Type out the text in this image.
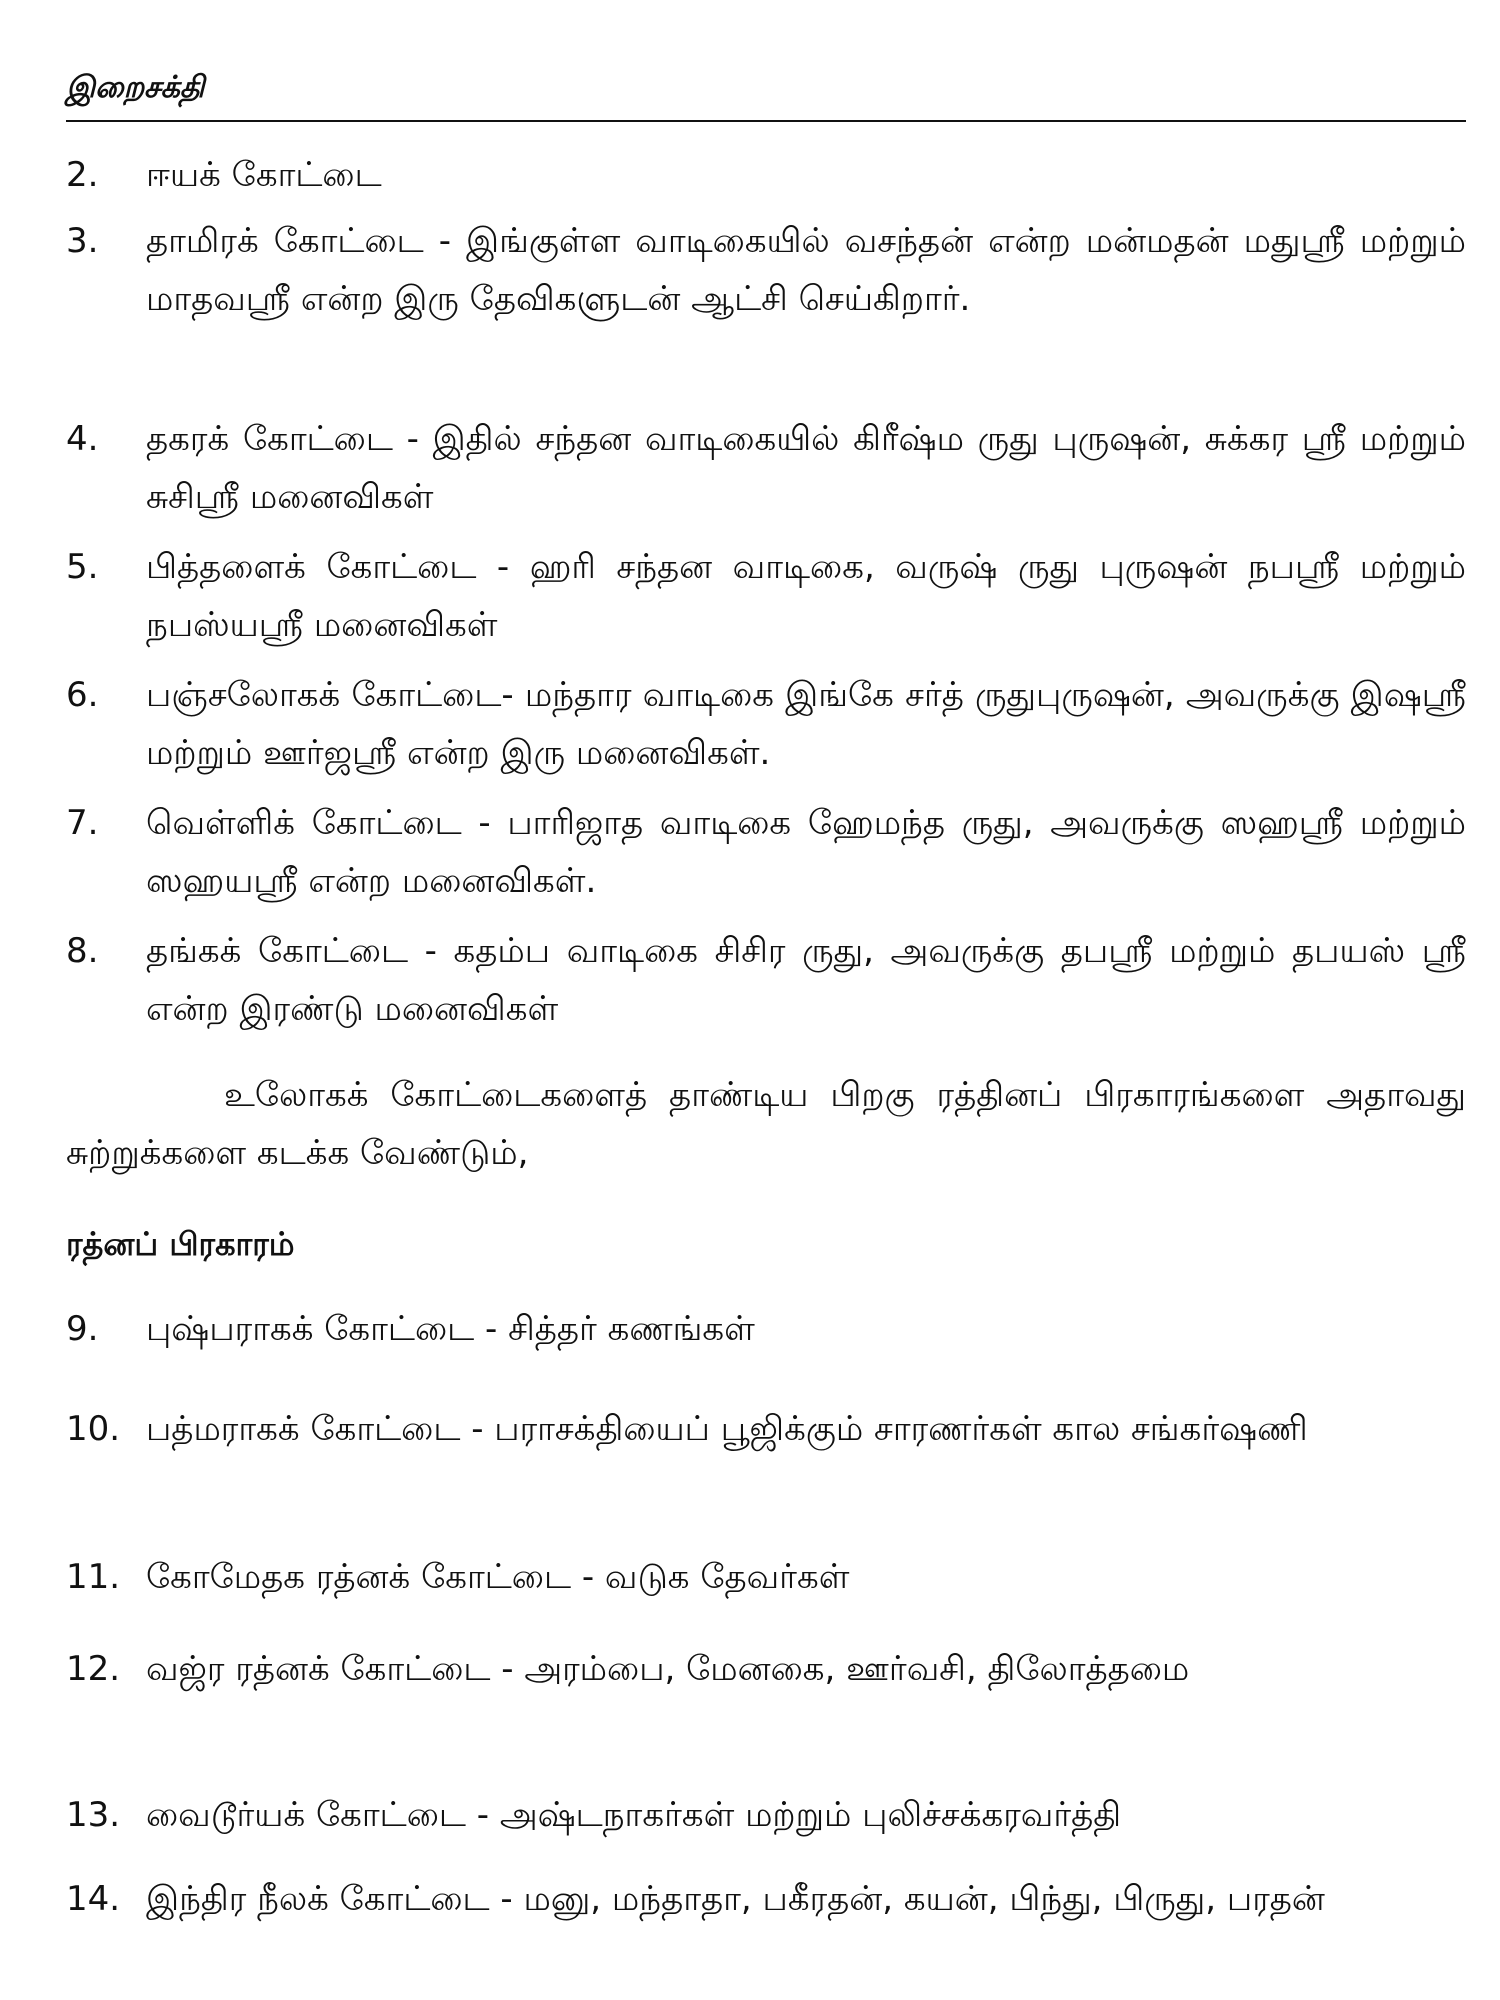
இறைசக்தி
2.	ஈயக் கோட்டை
3.	தாமிரக் கோட்டை - இங்குள்ள வாடிகையில் வசந்தன் என்ற மன்மதன் மதுஸ்ரீ மற்றும் மாதவஸ்ரீ என்ற இரு தேவிகளுடன் ஆட்சி செய்கிறார்.
4.	தகரக் கோட்டை - இதில் சந்தன வாடிகையில் கிரீஷ்ம ருது புருஷன், சுக்கர ஸ்ரீ மற்றும் சுசிஸ்ரீ மனைவிகள்
5.	பித்தளைக் கோட்டை - ஹரி சந்தன வாடிகை, வருஷ் ருது புருஷன் நபஸ்ரீ மற்றும் நபஸ்யஸ்ரீ மனைவிகள்
6.	பஞ்சலோகக் கோட்டை- மந்தார வாடிகை இங்கே சர்த் ருதுபுருஷன், அவருக்கு இஷஸ்ரீ மற்றும் ஊர்ஜஸ்ரீ என்ற இரு மனைவிகள்.
7.	வெள்ளிக் கோட்டை - பாரிஜாத வாடிகை ஹேமந்த ருது, அவருக்கு ஸஹஸ்ரீ மற்றும் ஸஹயஸ்ரீ என்ற மனைவிகள்.
8.	தங்கக் கோட்டை - கதம்ப வாடிகை சிசிர ருது, அவருக்கு தபஸ்ரீ மற்றும் தபயஸ் ஸ்ரீ என்ற இரண்டு மனைவிகள்
உலோகக் கோட்டைகளைத் தாண்டிய பிறகு ரத்தினப் பிரகாரங்களை அதாவது சுற்றுக்களை கடக்க வேண்டும்,
ரத்னப் பிரகாரம்
9.	புஷ்பராகக் கோட்டை - சித்தர் கணங்கள்
10. பத்மராகக் கோட்டை - பராசக்தியைப் பூஜிக்கும் சாரணர்கள் கால சங்கர்ஷணி
11. கோமேதக ரத்னக் கோட்டை - வடுக தேவர்கள்
12. வஜ்ர ரத்னக் கோட்டை - அரம்பை, மேனகை, ஊர்வசி, திலோத்தமை
13. வைடூர்யக் கோட்டை - அஷ்டநாகர்கள் மற்றும் புலிச்சக்கரவர்த்தி
14. இந்திர நீலக் கோட்டை - மனு, மந்தாதா, பகீரதன், கயன், பிந்து, பிருது, பரதன்
